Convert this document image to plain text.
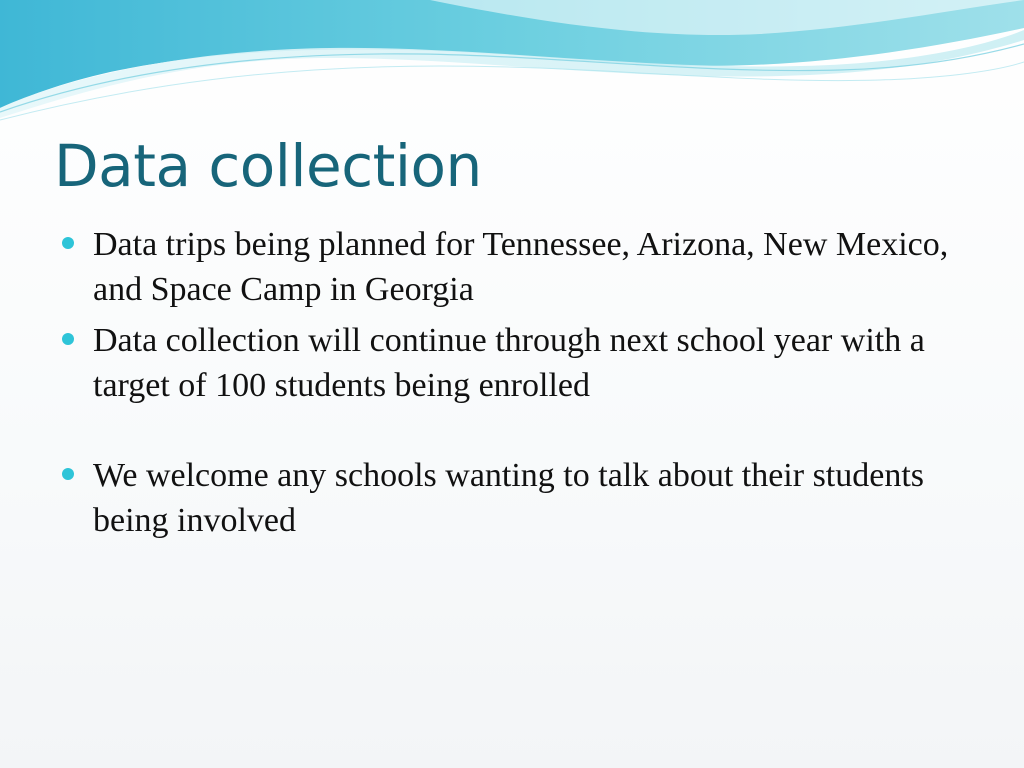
Data collection
Data trips being planned for Tennessee, Arizona, New Mexico, and Space Camp in Georgia
Data collection will continue through next school year with a target of 100 students being enrolled
We welcome any schools wanting to talk about their students being involved
